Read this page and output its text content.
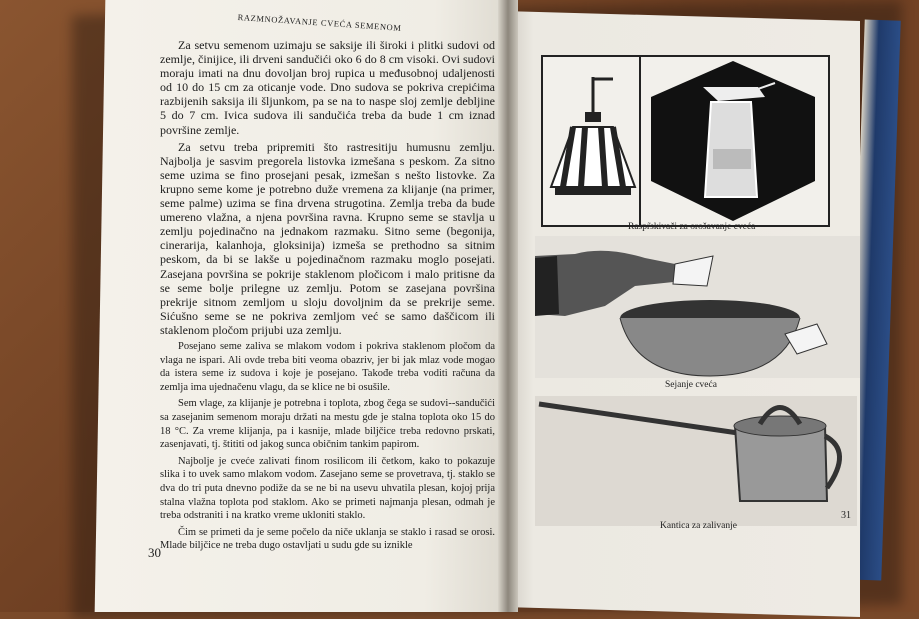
RAZMNOŽAVANJE CVEĆA SEMENOM

Za setvu semenom uzimaju se saksije ili široki i plitki sudovi od zemlje, činijice, ili drveni sandučići oko 6 do 8 cm visoki. Ovi sudovi moraju imati na dnu dovoljan broj rupica u međusobnoj udaljenosti od 10 do 15 cm za oticanje vode. Dno sudova se pokriva crepićima razbijenih saksija ili šljunkom, pa se na to naspe sloj zemlje debljine 5 do 7 cm. Ivica sudova ili sandučića treba da bude 1 cm iznad površine zemlje.

Za setvu treba pripremiti što rastresitiju humusnu zemlju. Najbolja je sasvim pregorela listovka izmešana s peskom. Za sitno seme uzima se fino prosejani pesak, izmešan s nešto listovke. Za krupno seme kome je potrebno duže vremena za klijanje (na primer, seme palme) uzima se fina drvena strugotina. Zemlja treba da bude umereno vlažna, a njena površina ravna. Krupno seme se stavlja u zemlju pojedinačno na jednakom razmaku. Sitno seme (begonija, cinerarija, kalanhoja, gloksinija) izmeša se prethodno sa sitnim peskom, da bi se lakše u pojedinačnom razmaku moglo posejati. Zasejana površina se pokrije staklenom pločicom i malo pritisne da se seme bolje prilegne uz zemlju. Potom se zasejana površina prekrije sitnom zemljom u sloju dovoljnim da se prekrije seme. Sićušno seme se ne pokriva zemljom već se samo daščicom ili staklenom pločom prijubi uza zemlju.

Posejano seme zaliva se mlakom vodom i pokriva staklenom pločom da vlaga ne ispari. Ali ovde treba biti veoma obazriv, jer bi jak mlaz vode mogao da istera seme iz sudova i koje je posejano. Takođe treba voditi računa da zemlja ima ujednačenu vlagu, da se klice ne bi osušile.

Sem vlage, za klijanje je potrebna i toplota, zbog čega se sudovi--sandučići sa zasejanim semenom moraju držati na mestu gde je stalna toplota oko 15 do 18 °C. Za vreme klijanja, pa i kasnije, mlade biljčice treba redovno prskati, zasenjavati, tj. štititi od jakog sunca običnim tankim papirom.

Najbolje je cveće zalivati finom rosilicom ili četkom, kako to pokazuje slika i to uvek samo mlakom vodom. Zasejano seme se provetrava, tj. staklo se dva do tri puta dnevno podiže da se ne bi na usevu uhvatila plesan, kojoj prija stalna vlažna toplota pod staklom. Ako se primeti najmanja plesan, odmah je treba odstraniti i na kratko vreme ukloniti staklo.

Čim se primeti da je seme počelo da niče uklanja se staklo i rasad se orosi. Mlade biljčice ne treba dugo ostavljati u sudu gde su iznikle

30
Raspr̃skivači za orošavanje cveća
Sejanje cveća
Kantica za zalivanje
31
